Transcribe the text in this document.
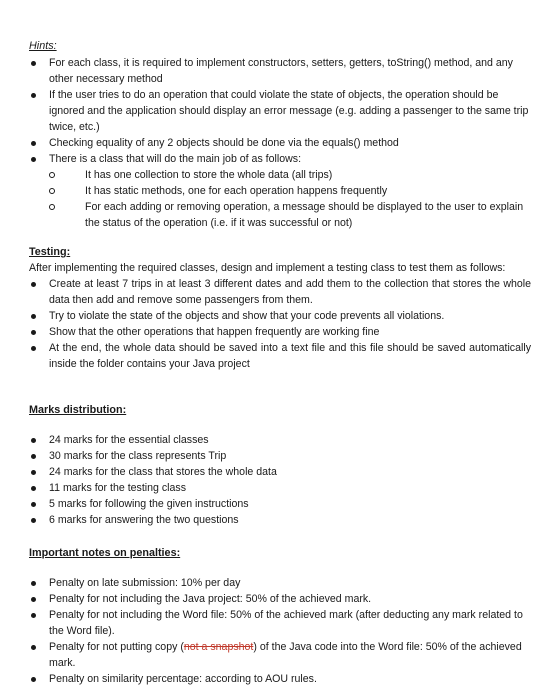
Hints:

For each class, it is required to implement constructors, setters, getters, toString() method, and any other necessary method
If the user tries to do an operation that could violate the state of objects, the operation should be ignored and the application should display an error message (e.g. adding a passenger to the same trip twice, etc.)
Checking equality of any 2 objects should be done via the equals() method
There is a class that will do the main job of as follows:
It has one collection to store the whole data (all trips)
It has static methods, one for each operation happens frequently
For each adding or removing operation, a message should be displayed to the user to explain the status of the operation (i.e. if it was successful or not)

Testing:

After implementing the required classes, design and implement a testing class to test them as follows:

Create at least 7 trips in at least 3 different dates and add them to the collection that stores the whole data then add and remove some passengers from them.
Try to violate the state of the objects and show that your code prevents all violations.
Show that the other operations that happen frequently are working fine
At the end, the whole data should be saved into a text file and this file should be saved automatically inside the folder contains your Java project

Marks distribution:

24 marks for the essential classes
30 marks for the class represents Trip
24 marks for the class that stores the whole data
11 marks for the testing class
5 marks for following the given instructions
6 marks for answering the two questions

Important notes on penalties:

Penalty on late submission: 10% per day
Penalty for not including the Java project: 50% of the achieved mark.
Penalty for not including the Word file: 50% of the achieved mark (after deducting any mark related to the Word file).
Penalty for not putting copy (not a snapshot) of the Java code into the Word file: 50% of the achieved mark.
Penalty on similarity percentage: according to AOU rules.
